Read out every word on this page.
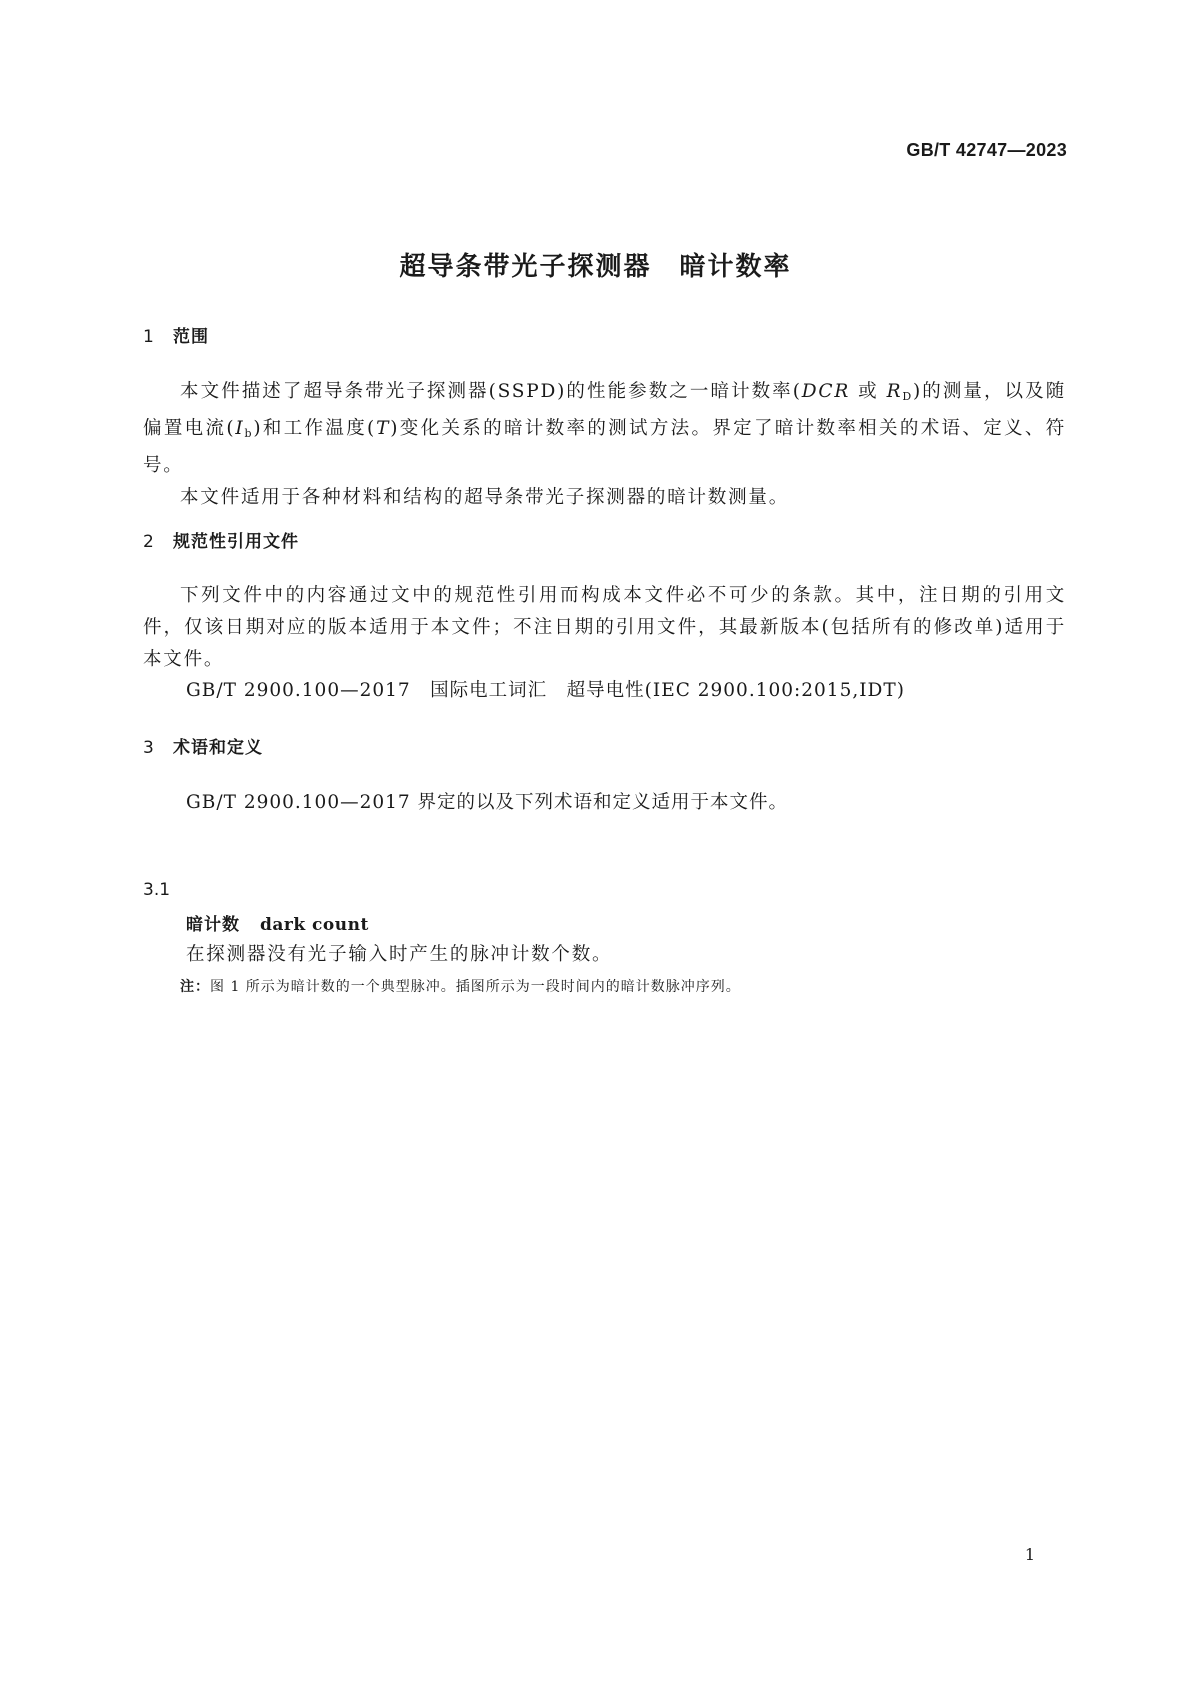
GB/T 42747—2023
超导条带光子探测器　暗计数率
1 范围

本文件描述了超导条带光子探测器(SSPD)的性能参数之一暗计数率(DCR 或 $R_D$)的测量，以及随偏置电流$(I_b)$和工作温度(T)变化关系的暗计数率的测试方法。界定了暗计数率相关的术语、定义、符号。

本文件适用于各种材料和结构的超导条带光子探测器的暗计数测量。

2 规范性引用文件

下列文件中的内容通过文中的规范性引用而构成本文件必不可少的条款。其中，注日期的引用文件，仅该日期对应的版本适用于本文件；不注日期的引用文件，其最新版本(包括所有的修改单)适用于本文件。

GB/T 2900.100—2017　国际电工词汇　超导电性(IEC 2900.100:2015,IDT)
3 术语和定义
GB/T 2900.100—2017 界定的以及下列术语和定义适用于本文件。
3.1
暗计数 dark count
在探测器没有光子输入时产生的脉冲计数个数。
注：图 1 所示为暗计数的一个典型脉冲。插图所示为一段时间内的暗计数脉冲序列。
1
